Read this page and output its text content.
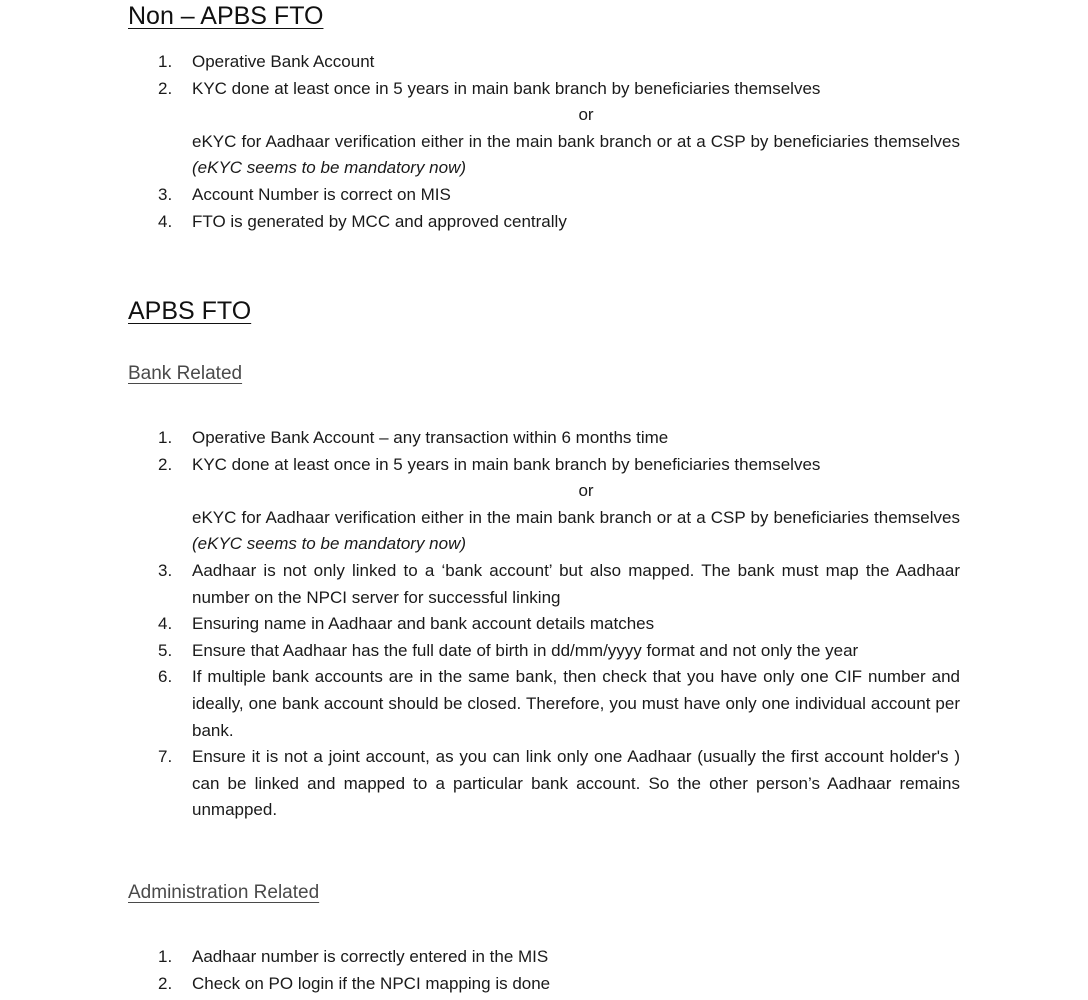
Non – APBS FTO
1.	Operative Bank Account
2.	KYC done at least once in 5 years in main bank branch by beneficiaries themselves

or

eKYC for Aadhaar verification either in the main bank branch or at a CSP by beneficiaries themselves (eKYC seems to be mandatory now)

3.	Account Number is correct on MIS
4.	FTO is generated by MCC and approved centrally
APBS FTO
Bank Related
1.	Operative Bank Account – any transaction within 6 months time
2.	KYC done at least once in 5 years in main bank branch by beneficiaries themselves

or

eKYC for Aadhaar verification either in the main bank branch or at a CSP by beneficiaries themselves (eKYC seems to be mandatory now)

3.	Aadhaar is not only linked to a ‘bank account’ but also mapped. The bank must map the Aadhaar number on the NPCI server for successful linking
4.	Ensuring name in Aadhaar and bank account details matches
5.	Ensure that Aadhaar has the full date of birth in dd/mm/yyyy format and not only the year
6.	If multiple bank accounts are in the same bank, then check that you have only one CIF number and ideally, one bank account should be closed. Therefore, you must have only one individual account per bank.
7.	Ensure it is not a joint account, as you can link only one Aadhaar (usually the first account holder's ) can be linked and mapped to a particular bank account. So the other person’s Aadhaar remains unmapped.
Administration Related
1.	Aadhaar number is correctly entered in the MIS
2.	Check on PO login if the NPCI mapping is done
